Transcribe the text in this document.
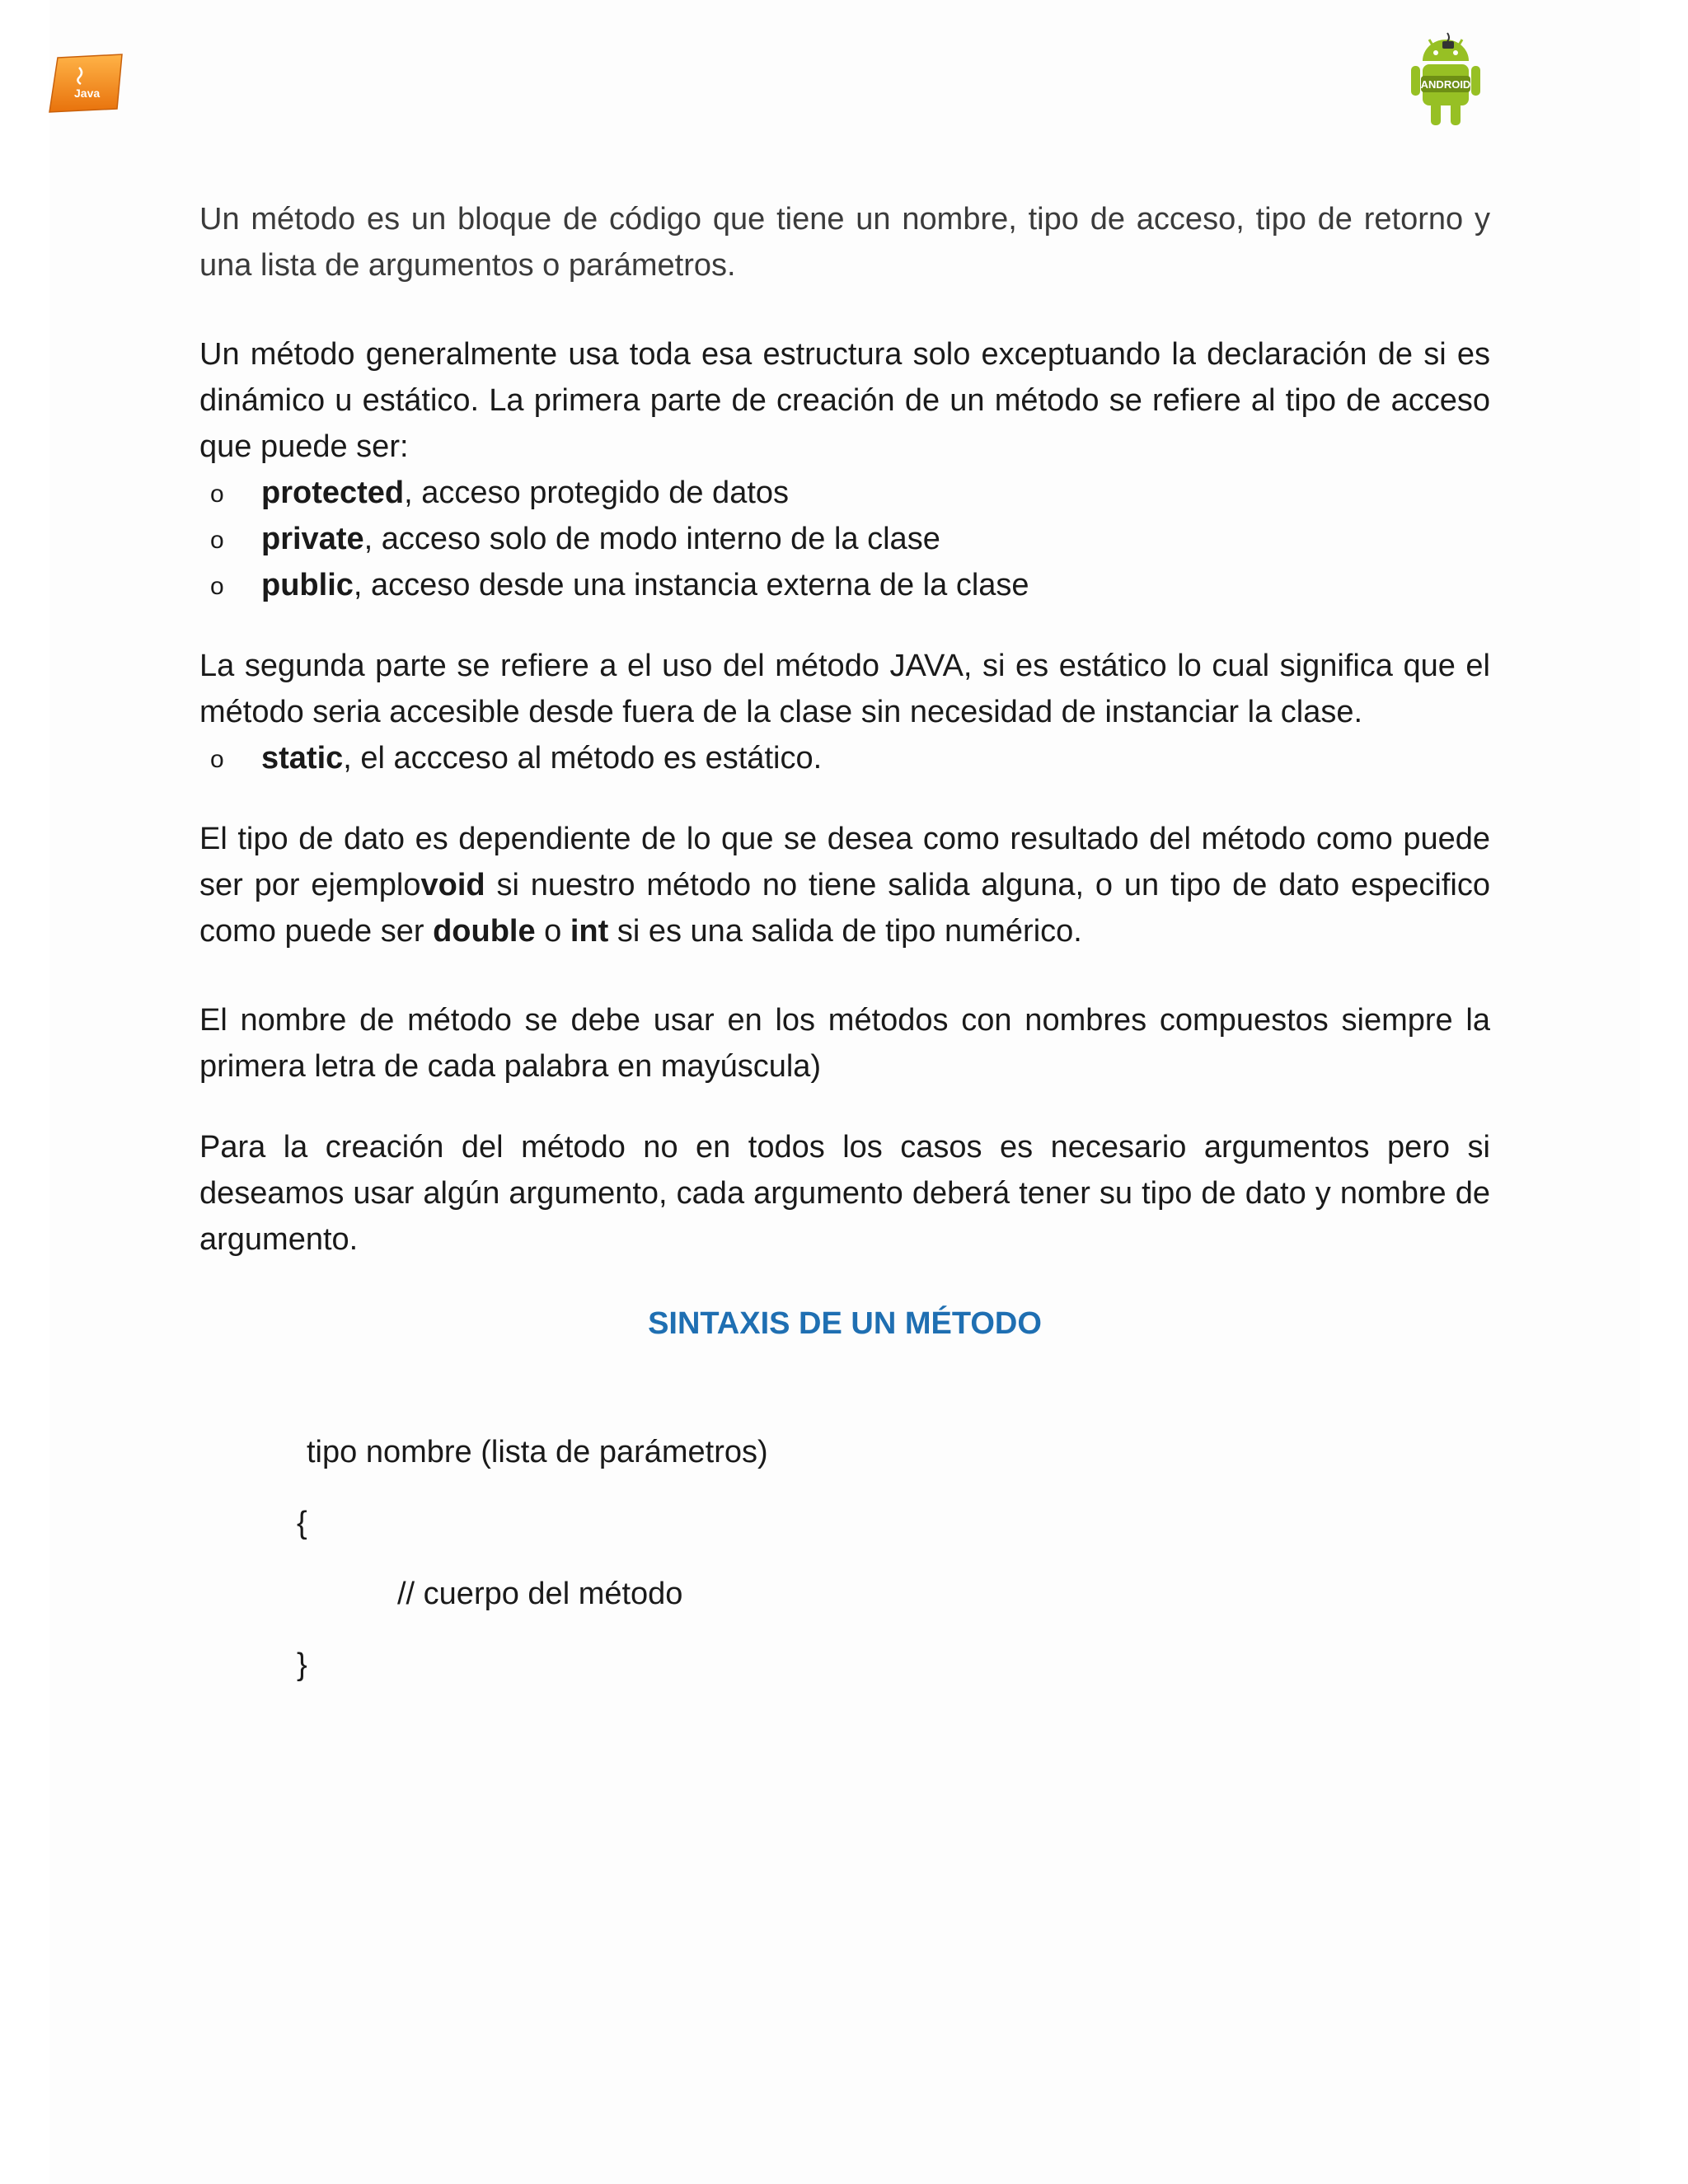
Java
ANDROID

Un método es un bloque de código que tiene un nombre, tipo de acceso, tipo de retorno y una lista de argumentos o parámetros.

Un método generalmente usa toda esa estructura solo exceptuando la declaración de si es dinámico u estático. La primera parte de creación de un método se refiere al tipo de acceso que puede ser:

o protected, acceso protegido de datos
o private, acceso solo de modo interno de la clase
o public, acceso desde una instancia externa de la clase

La segunda parte se refiere a el uso del método JAVA, si es estático lo cual significa que el método seria accesible desde fuera de la clase sin necesidad de instanciar la clase.

o static, el accceso al método es estático.

El tipo de dato es dependiente de lo que se desea como resultado del método como puede ser por ejemplovoid si nuestro método no tiene salida alguna, o un tipo de dato especifico como puede ser double o int si es una salida de tipo numérico.

El nombre de método se debe usar en los métodos con nombres compuestos siempre la primera letra de cada palabra en mayúscula)

Para la creación del método no en todos los casos es necesario argumentos pero si deseamos usar algún argumento, cada argumento deberá tener su tipo de dato y nombre de argumento.

SINTAXIS DE UN MÉTODO
tipo nombre (lista de parámetros)
{
// cuerpo del método
}
